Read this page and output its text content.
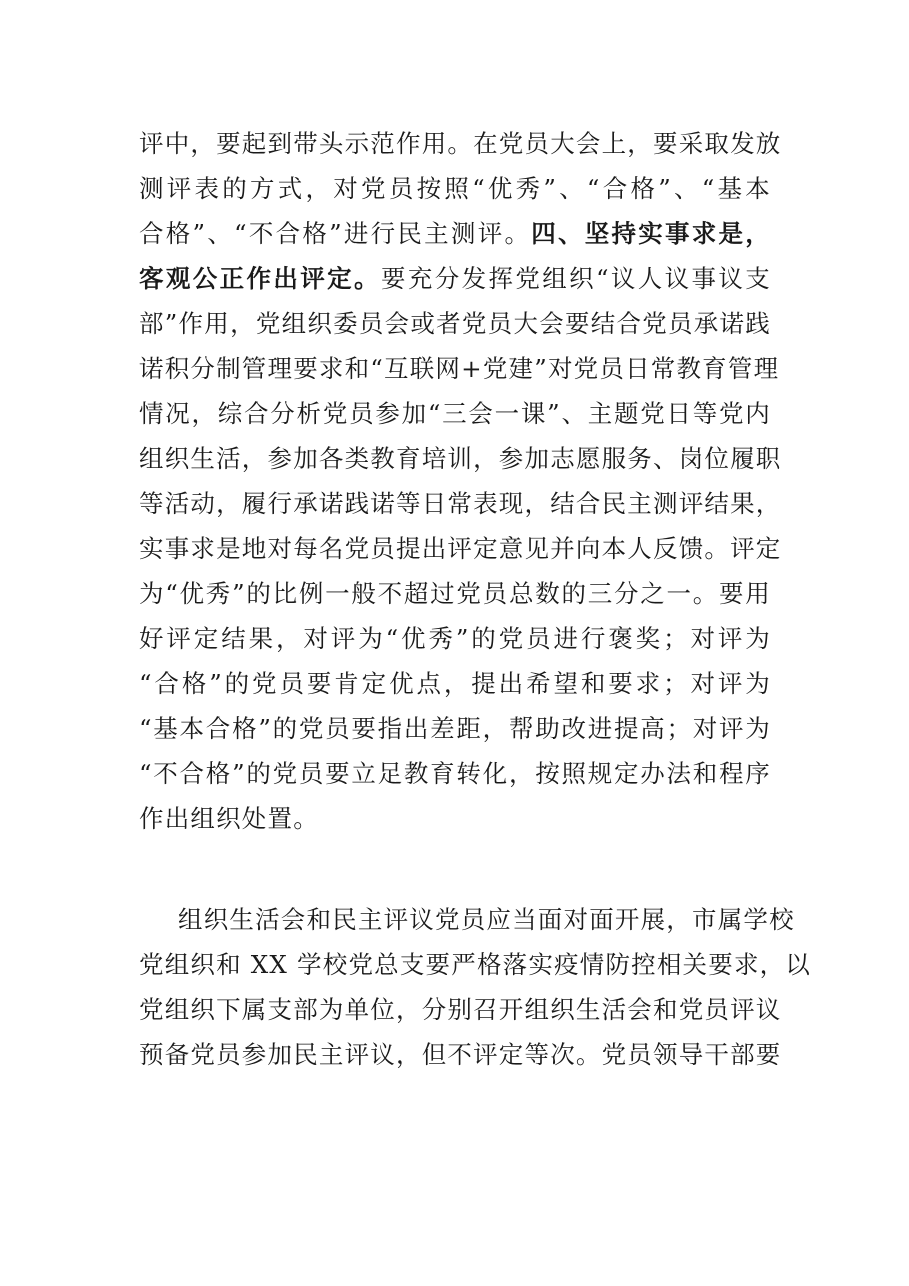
评中，要起到带头示范作用。在党员大会上，要采取发放
测评表的方式，对党员按照“优秀”、“合格”、“基本
合格”、“不合格”进行民主测评。四、坚持实事求是，
客观公正作出评定。要充分发挥党组织“议人议事议支
部”作用，党组织委员会或者党员大会要结合党员承诺践
诺积分制管理要求和“互联网+党建”对党员日常教育管理
情况，综合分析党员参加“三会一课”、主题党日等党内
组织生活，参加各类教育培训，参加志愿服务、岗位履职
等活动，履行承诺践诺等日常表现，结合民主测评结果，
实事求是地对每名党员提出评定意见并向本人反馈。评定
为“优秀”的比例一般不超过党员总数的三分之一。要用
好评定结果，对评为“优秀”的党员进行褒奖；对评为
“合格”的党员要肯定优点，提出希望和要求；对评为
“基本合格”的党员要指出差距，帮助改进提高；对评为
“不合格”的党员要立足教育转化，按照规定办法和程序
作出组织处置。
组织生活会和民主评议党员应当面对面开展，市属学校
党组织和 XX 学校党总支要严格落实疫情防控相关要求，以
党组织下属支部为单位，分别召开组织生活会和党员评议
预备党员参加民主评议，但不评定等次。党员领导干部要
